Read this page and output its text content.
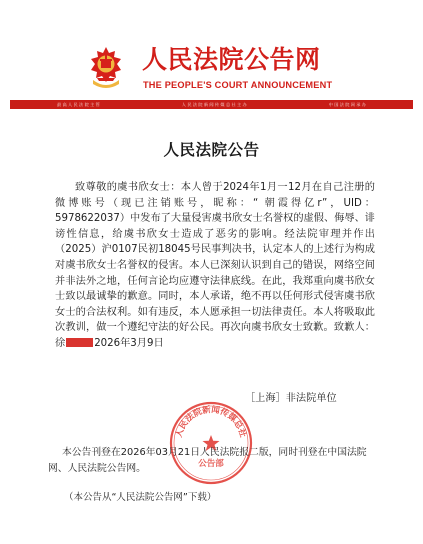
人民法院公告网
THE PEOPLE'S COURT ANNOUNCEMENT
最 高 人 民 法 院 主 管	人 民 法 院 新 闻 传 媒 总 社 主 办	中 国 法 院 网 承 办
人民法院公告

致尊敬的虞书欣女士：本人曾于2024年1月一12月在自己注册的微博账号（现已注销账号，昵称：“ 朝霞得亿r”，UID：5978622037）中发布了大量侵害虞书欣女士名誉权的虚假、侮辱、诽谤性信息，给虞书欣女士造成了恶劣的影响。经法院审理并作出（2025）沪0107民初18045号民事判决书，认定本人的上述行为构成对虞书欣女士名誉权的侵害。本人已深刻认识到自己的错误，网络空间并非法外之地，任何言论均应遵守法律底线。在此，我郑重向虞书欣女士致以最诚挚的歉意。同时，本人承诺，绝不再以任何形式侵害虞书欣女士的合法权利。如有违反，本人愿承担一切法律责任。本人将吸取此次教训，做一个遵纪守法的好公民。再次向虞书欣女士致歉。致歉人：徐	2026年3月9日

［上海］非法院单位
人民法院新闻传媒总社
公告部

本公告刊登在2026年03月21日人民法院报二版，同时刊登在中国法院网、人民法院公告网。

（本公告从“人民法院公告网”下载）
